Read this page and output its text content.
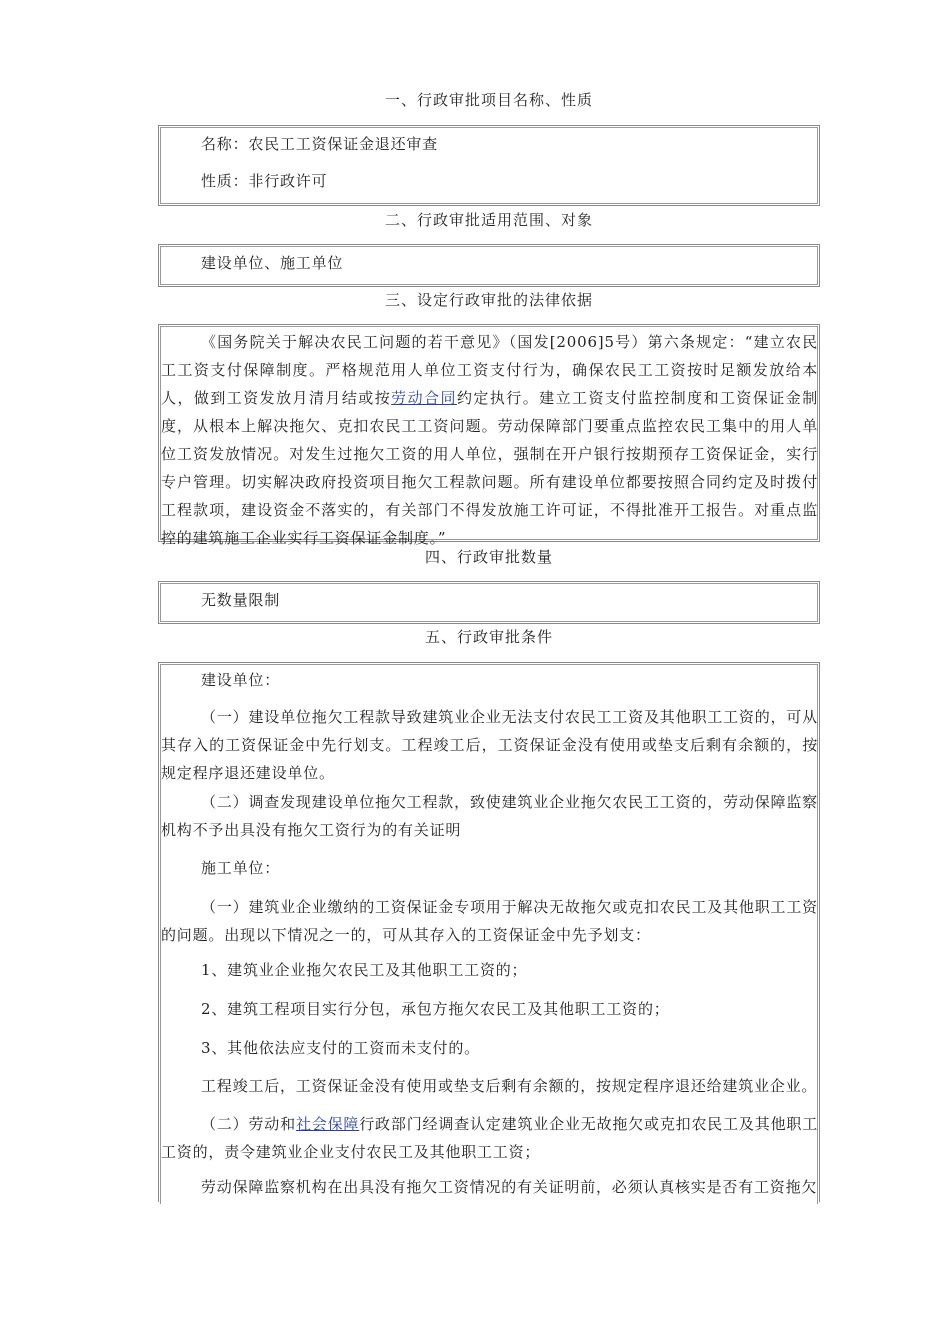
一、行政审批项目名称、性质

名称：农民工工资保证金退还审查

性质：非行政许可

二、行政审批适用范围、对象

建设单位、施工单位

三、设定行政审批的法律依据

《国务院关于解决农民工问题的若干意见》（国发[2006]5号）第六条规定：“建立农民工工资支付保障制度。严格规范用人单位工资支付行为，确保农民工工资按时足额发放给本人，做到工资发放月清月结或按劳动合同约定执行。建立工资支付监控制度和工资保证金制度，从根本上解决拖欠、克扣农民工工资问题。劳动保障部门要重点监控农民工集中的用人单位工资发放情况。对发生过拖欠工资的用人单位，强制在开户银行按期预存工资保证金，实行专户管理。切实解决政府投资项目拖欠工程款问题。所有建设单位都要按照合同约定及时拨付工程款项，建设资金不落实的，有关部门不得发放施工许可证，不得批准开工报告。对重点监控的建筑施工企业实行工资保证金制度。”

四、行政审批数量

无数量限制

五、行政审批条件

建设单位：

（一）建设单位拖欠工程款导致建筑业企业无法支付农民工工资及其他职工工资的，可从其存入的工资保证金中先行划支。工程竣工后，工资保证金没有使用或垫支后剩有余额的，按规定程序退还建设单位。

（二）调查发现建设单位拖欠工程款，致使建筑业企业拖欠农民工工资的，劳动保障监察机构不予出具没有拖欠工资行为的有关证明

施工单位：

（一）建筑业企业缴纳的工资保证金专项用于解决无故拖欠或克扣农民工及其他职工工资的问题。出现以下情况之一的，可从其存入的工资保证金中先予划支：

1、建筑业企业拖欠农民工及其他职工工资的；

2、建筑工程项目实行分包，承包方拖欠农民工及其他职工工资的；

3、其他依法应支付的工资而未支付的。

工程竣工后，工资保证金没有使用或垫支后剩有余额的，按规定程序退还给建筑业企业。

（二）劳动和社会保障行政部门经调查认定建筑业企业无故拖欠或克扣农民工及其他职工工资的，责令建筑业企业支付农民工及其他职工工资；

劳动保障监察机构在出具没有拖欠工资情况的有关证明前，必须认真核实是否有工资拖欠
